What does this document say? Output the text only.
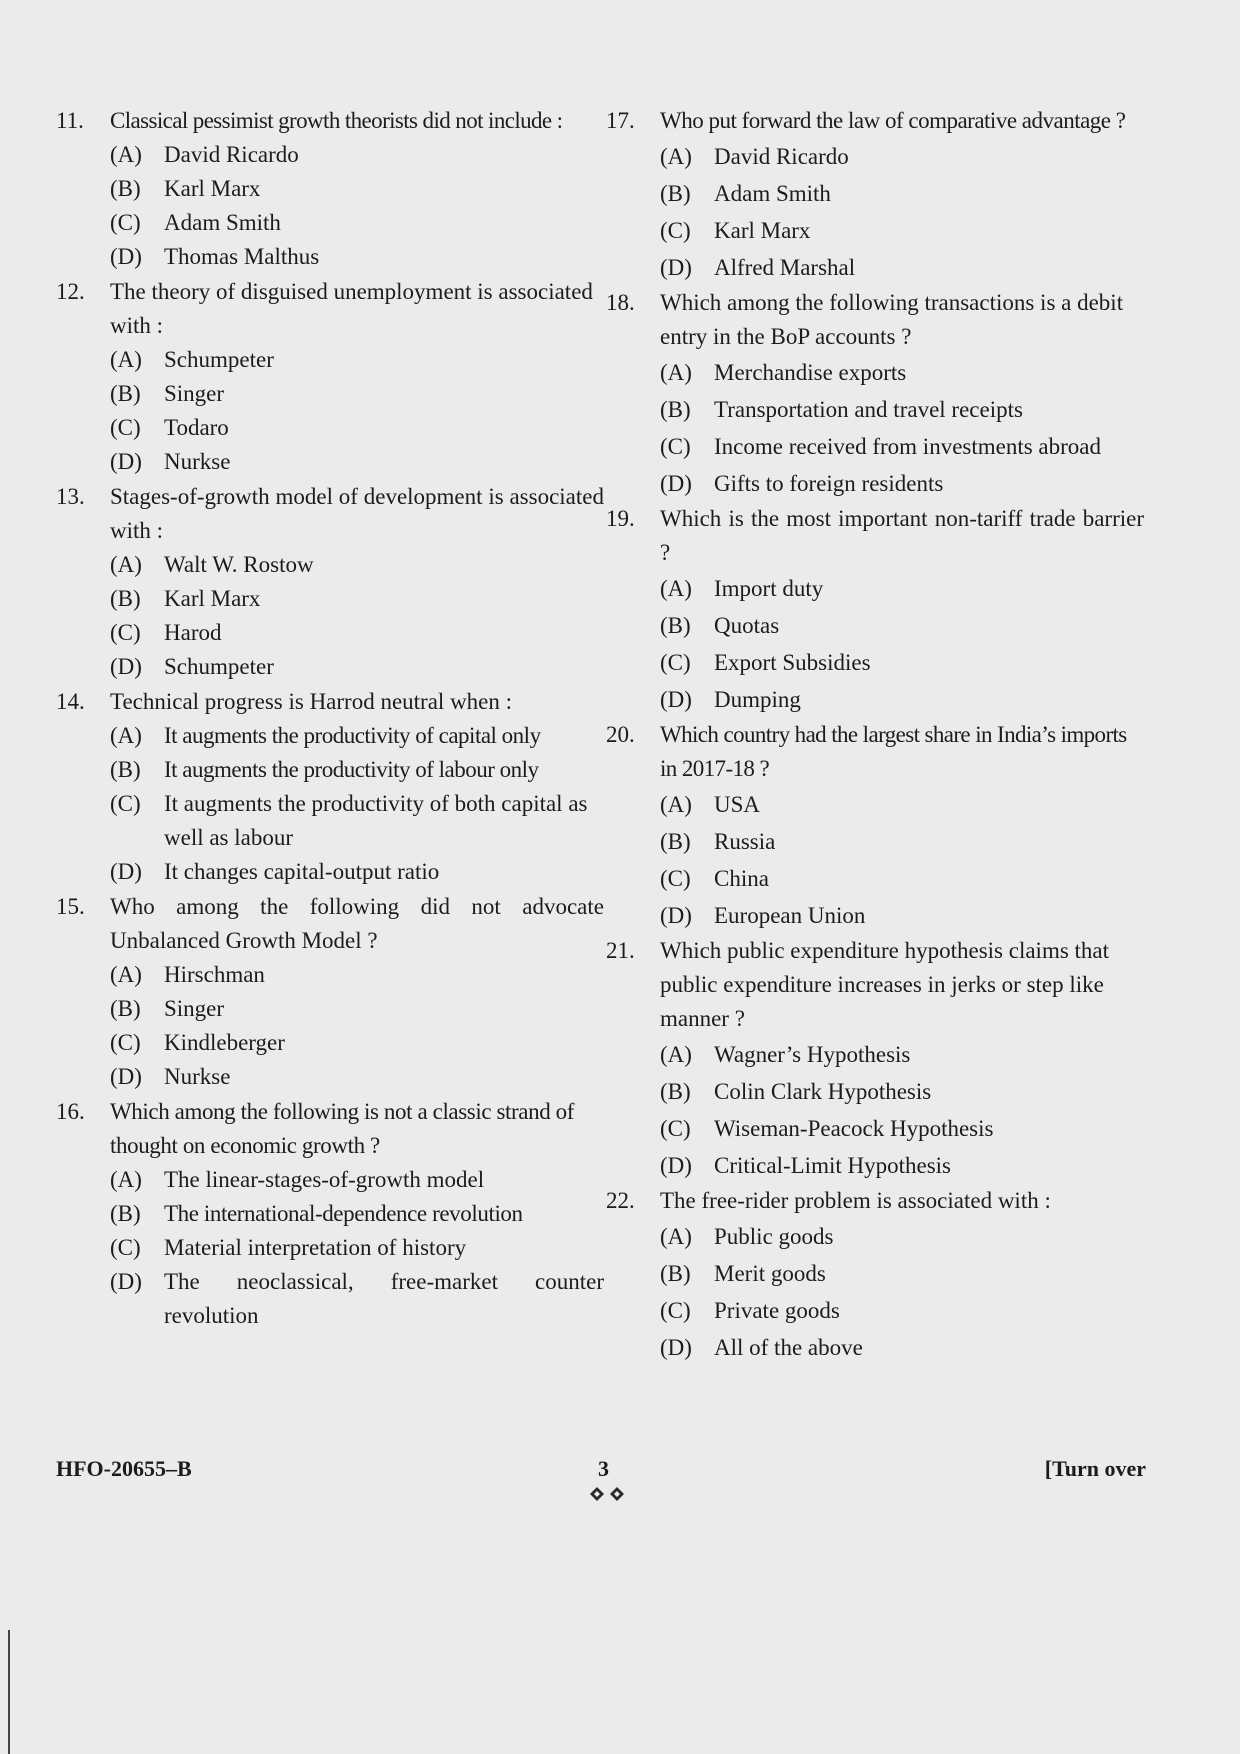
11.	Classical pessimist growth theorists did not include :
(A) David Ricardo
(B)	Karl Marx
(C)	Adam Smith
(D) Thomas Malthus
12.	The theory of disguised unemployment is associated with :
(A) Schumpeter
(B)	Singer
(C)	Todaro
(D) Nurkse
13.	Stages-of-growth model of development is associated with :
(A) Walt W. Rostow
(B)	Karl Marx
(C)	Harod
(D) Schumpeter
14.	Technical progress is Harrod neutral when :
(A) It augments the productivity of capital only
(B)	It augments the productivity of labour only
(C)	It augments the productivity of both capital as well as labour
(D) It changes capital-output ratio
15.	Who among the following did not advocate Unbalanced Growth Model ?
(A) Hirschman
(B)	Singer
(C)	Kindleberger
(D) Nurkse
16.	Which among the following is not a classic strand of thought on economic growth ?
(A) The linear-stages-of-growth model
(B)	The international-dependence revolution
(C)	Material interpretation of history
(D) The neoclassical, free-market counter revolution
17.	Who put forward the law of comparative advantage ?
(A) David Ricardo
(B)	Adam Smith
(C)	Karl Marx
(D) Alfred Marshal
18.	Which among the following transactions is a debit entry in the BoP accounts ?
(A) Merchandise exports
(B)	Transportation and travel receipts
(C)	Income received from investments abroad
(D) Gifts to foreign residents
19.	Which is the most important non-tariff trade barrier ?
(A) Import duty
(B)	Quotas
(C)	Export Subsidies
(D) Dumping
20.	Which country had the largest share in India’s imports in 2017-18 ?
(A) USA
(B)	Russia
(C)	China
(D) European Union
21.	Which public expenditure hypothesis claims that public expenditure increases in jerks or step like manner ?
(A) Wagner’s Hypothesis
(B)	Colin Clark Hypothesis
(C)	Wiseman-Peacock Hypothesis
(D) Critical-Limit Hypothesis
22.	The free-rider problem is associated with :
(A) Public goods
(B)	Merit goods
(C)	Private goods
(D) All of the above
HFO-20655–B	3	[Turn over
